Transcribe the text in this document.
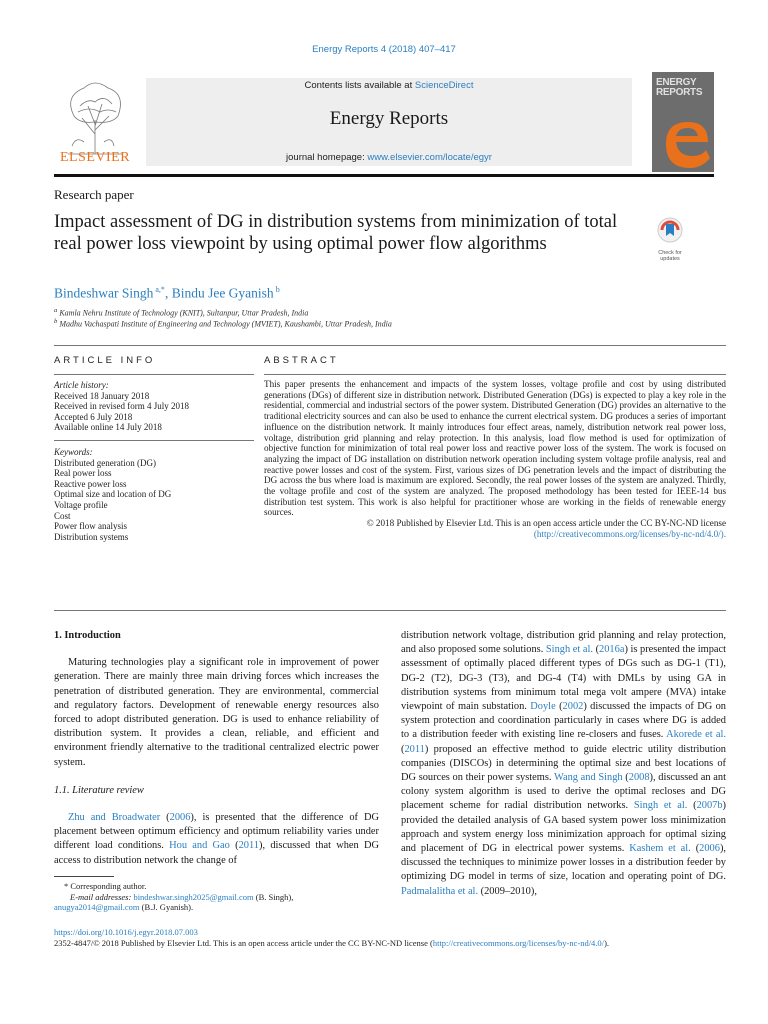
Energy Reports 4 (2018) 407–417
ELSEVIER
Contents lists available at ScienceDirect
Energy Reports
journal homepage: www.elsevier.com/locate/egyr
ENERGY REPORTS
Research paper
Impact assessment of DG in distribution systems from minimization of total real power loss viewpoint by using optimal power flow algorithms	Check for updates
Bindeshwar Singh $^{a,*}$, Bindu Jee Gyanish $^b$
$^a$ Kamla Nehru Institute of Technology (KNIT), Sultanpur, Uttar Pradesh, India
$^b$ Madhu Vachaspati Institute of Engineering and Technology (MVIET), Kaushambi, Uttar Pradesh, India
ARTICLE INFO	ABSTRACT
Article history:
Received 18 January 2018
Received in revised form 4 July 2018
Accepted 6 July 2018
Available online 14 July 2018
Keywords:
Distributed generation (DG)
Real power loss
Reactive power loss
Optimal size and location of DG
Voltage profile
Cost
Power flow analysis
Distribution systems

This paper presents the enhancement and impacts of the system losses, voltage profile and cost by using distributed generations (DGs) of different size in distribution network. Distributed Generation (DGs) is expected to play a key role in the residential, commercial and industrial sectors of the power system. Distributed Generation (DG) provides an alternative to the traditional electricity sources and can also be used to enhance the current electrical system. DG produces a series of important influence on the distribution network. It mainly introduces four effect areas, namely, distribution network real power loss, voltage, distribution grid planning and relay protection. In this analysis, load flow method is used for optimization of objective function for minimization of total real power loss and reactive power loss of the system. The work is focused on analyzing the impact of DG installation on distribution network operation including system voltage profile analysis, real and reactive power losses and cost of the system. First, various sizes of DG penetration levels and the impact of distributing the DG across the bus where load is maximum are explored. Secondly, the real power losses of the system are analyzed. Thirdly, the voltage profile and cost of the system are analyzed. The proposed methodology has been tested for IEEE-14 bus distribution test system. This work is also helpful for practitioner whose are working in the fields of renewable energy sources.

© 2018 Published by Elsevier Ltd. This is an open access article under the CC BY-NC-ND license
(http://creativecommons.org/licenses/by-nc-nd/4.0/).
1. Introduction

Maturing technologies play a significant role in improvement of power generation. There are mainly three main driving forces which increases the penetration of distributed generation. They are environmental, commercial and regulatory factors. Development of renewable energy resources also forced to adopt distributed generation. DG is used to enhance reliability of distribution system. It provides a clean, reliable, and efficient and environment friendly alternative to the traditional centralized electric power system.

1.1. Literature review

Zhu and Broadwater (2006), is presented that the difference of DG placement between optimum efficiency and optimum reliability varies under different load conditions. Hou and Gao (2011), discussed that when DG access to distribution network the change of

* Corresponding author.
E-mail addresses: bindeshwar.singh2025@gmail.com (B. Singh),
anugya2014@gmail.com (B.J. Gyanish).

distribution network voltage, distribution grid planning and relay protection, and also proposed some solutions. Singh et al. (2016a) is presented the impact assessment of optimally placed different types of DGs such as DG-1 (T1), DG-2 (T2), DG-3 (T3), and DG-4 (T4) with DMLs by using GA in distribution systems from minimum total mega volt ampere (MVA) intake viewpoint of main substation. Doyle (2002) discussed the impacts of DG on system protection and coordination particularly in cases where DG is added to a distribution feeder with existing line re-closers and fuses. Akorede et al. (2011) proposed an effective method to guide electric utility distribution companies (DISCOs) in determining the optimal size and best locations of DG sources on their power systems. Wang and Singh (2008), discussed an ant colony system algorithm is used to derive the optimal recloses and DG placement scheme for radial distribution networks. Singh et al. (2007b) provided the detailed analysis of GA based system power loss minimization approach and system energy loss minimization approach for optimal sizing and placement of DG in electrical power systems. Kashem et al. (2006), discussed the techniques to minimize power losses in a distribution feeder by optimizing DG model in terms of size, location and operating point of DG. Padmalalitha et al. (2009–2010),

https://doi.org/10.1016/j.egyr.2018.07.003
2352-4847/© 2018 Published by Elsevier Ltd. This is an open access article under the CC BY-NC-ND license (http://creativecommons.org/licenses/by-nc-nd/4.0/).
